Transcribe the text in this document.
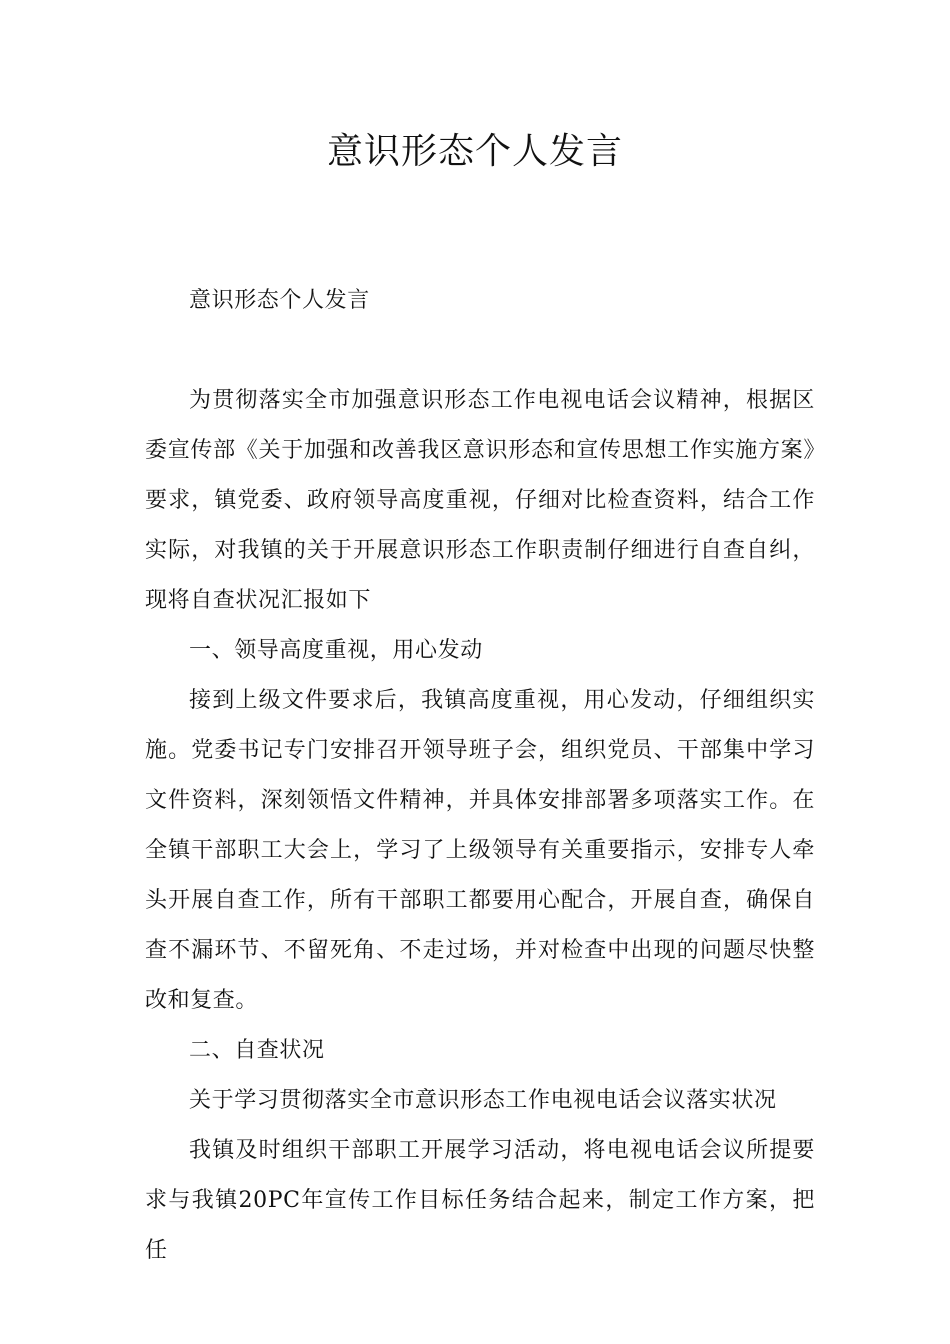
意识形态个人发言

意识形态个人发言

为贯彻落实全市加强意识形态工作电视电话会议精神，根据区委宣传部《关于加强和改善我区意识形态和宣传思想工作实施方案》要求，镇党委、政府领导高度重视，仔细对比检查资料，结合工作实际，对我镇的关于开展意识形态工作职责制仔细进行自查自纠，现将自查状况汇报如下

一、领导高度重视，用心发动

接到上级文件要求后，我镇高度重视，用心发动，仔细组织实施。党委书记专门安排召开领导班子会，组织党员、干部集中学习文件资料，深刻领悟文件精神，并具体安排部署多项落实工作。在全镇干部职工大会上，学习了上级领导有关重要指示，安排专人牵头开展自查工作，所有干部职工都要用心配合，开展自查，确保自查不漏环节、不留死角、不走过场，并对检查中出现的问题尽快整改和复查。

二、自查状况

关于学习贯彻落实全市意识形态工作电视电话会议落实状况

我镇及时组织干部职工开展学习活动，将电视电话会议所提要求与我镇20PC年宣传工作目标任务结合起来，制定工作方案，把任
